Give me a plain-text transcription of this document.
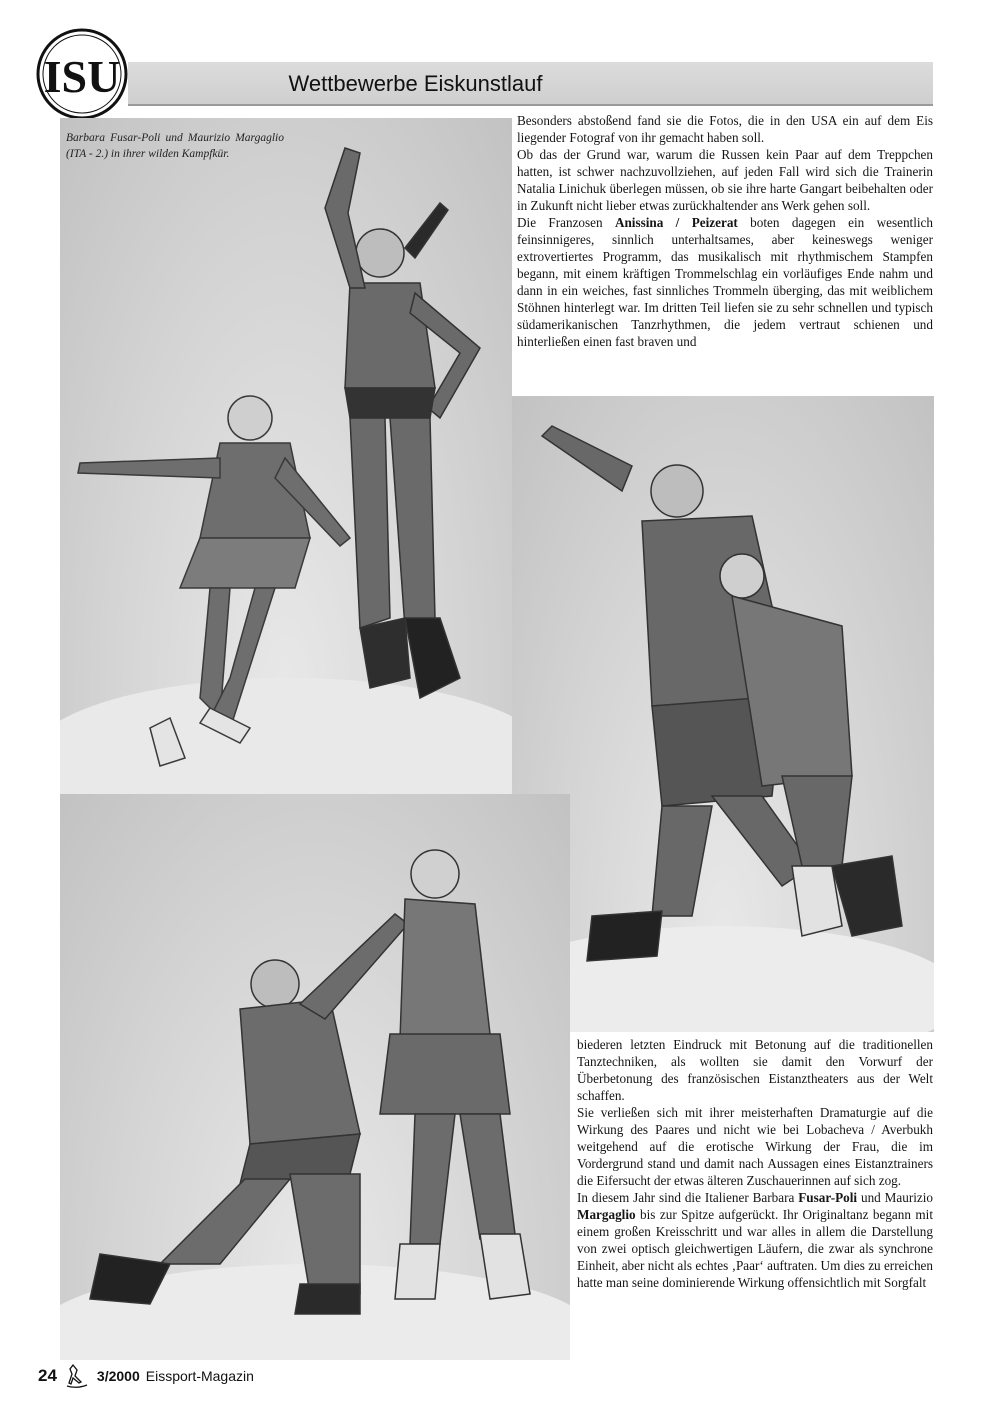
ISU	Wettbewerbe Eiskunstlauf
Barbara Fusar-Poli und Maurizio Margaglio (ITA - 2.) in ihrer wilden Kampfkür.

Besonders abstoßend fand sie die Fotos, die in den USA ein auf dem Eis liegender Fotograf von ihr gemacht haben soll.

Ob das der Grund war, warum die Russen kein Paar auf dem Treppchen hatten, ist schwer nachzuvollziehen, auf jeden Fall wird sich die Trainerin Natalia Linichuk überlegen müssen, ob sie ihre harte Gangart beibehalten oder in Zukunft nicht lieber etwas zurückhaltender ans Werk gehen soll.

Die Franzosen Anissina / Peizerat boten dagegen ein wesentlich feinsinnigeres, sinnlich unterhaltsames, aber keineswegs weniger extrovertiertes Programm, das musikalisch mit rhythmischem Stampfen begann, mit einem kräftigen Trommelschlag ein vorläufiges Ende nahm und dann in ein weiches, fast sinnliches Trommeln überging, das mit weiblichem Stöhnen hinterlegt war. Im dritten Teil liefen sie zu sehr schnellen und typisch südamerikanischen Tanzrhythmen, die jedem vertraut schienen und hinterließen einen fast braven und

biederen letzten Eindruck mit Betonung auf die traditionellen Tanztechniken, als wollten sie damit den Vorwurf der Überbetonung des französischen Eistanztheaters aus der Welt schaffen.

Sie verließen sich mit ihrer meisterhaften Dramaturgie auf die Wirkung des Paares und nicht wie bei Lobacheva / Averbukh weitgehend auf die erotische Wirkung der Frau, die im Vordergrund stand und damit nach Aussagen eines Eistanztrainers die Eifersucht der etwas älteren Zuschauerinnen auf sich zog.

In diesem Jahr sind die Italiener Barbara Fusar-Poli und Maurizio Margaglio bis zur Spitze aufgerückt. Ihr Originaltanz begann mit einem großen Kreisschritt und war alles in allem die Darstellung von zwei optisch gleichwertigen Läufern, die zwar als synchrone Einheit, aber nicht als echtes ‚Paar‘ auftraten. Um dies zu erreichen hatte man seine dominierende Wirkung offensichtlich mit Sorgfalt

24	3/2000 Eissport-Magazin
